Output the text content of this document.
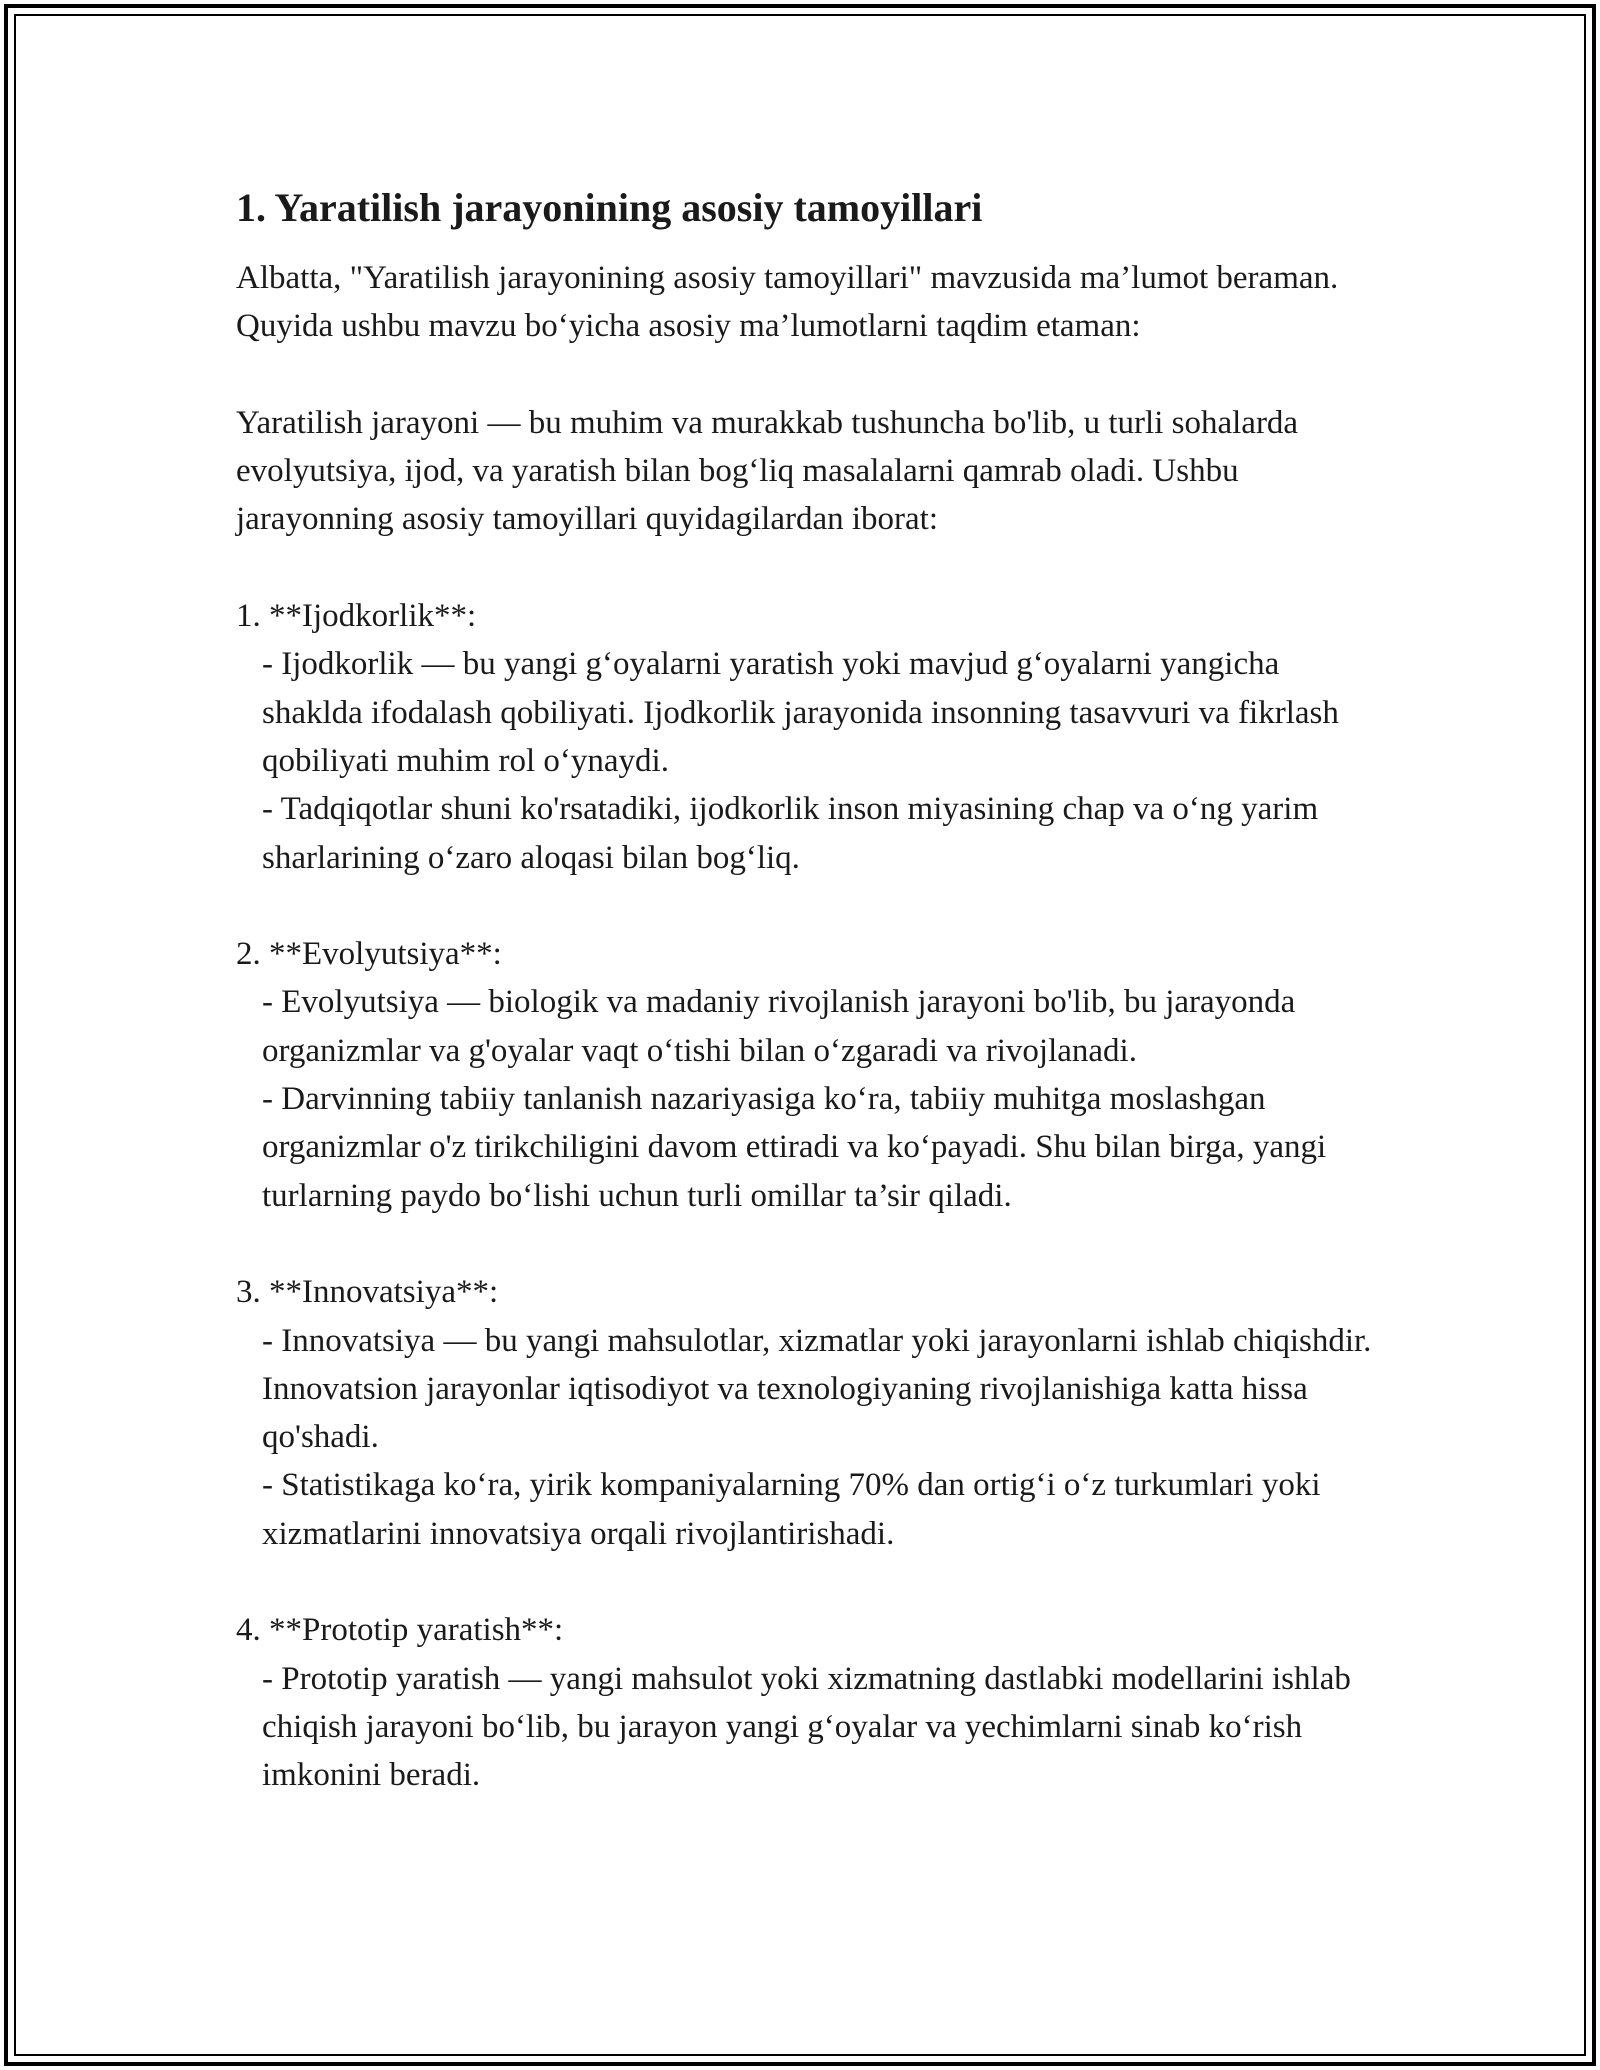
1. Yaratilish jarayonining asosiy tamoyillari

Albatta, "Yaratilish jarayonining asosiy tamoyillari" mavzusida ma’lumot beraman. Quyida ushbu mavzu bo‘yicha asosiy ma’lumotlarni taqdim etaman:

Yaratilish jarayoni — bu muhim va murakkab tushuncha bo'lib, u turli sohalarda evolyutsiya, ijod, va yaratish bilan bog‘liq masalalarni qamrab oladi. Ushbu jarayonning asosiy tamoyillari quyidagilardan iborat:

1. **Ijodkorlik**:

- Ijodkorlik — bu yangi g‘oyalarni yaratish yoki mavjud g‘oyalarni yangicha shaklda ifodalash qobiliyati. Ijodkorlik jarayonida insonning tasavvuri va fikrlash qobiliyati muhim rol o‘ynaydi.

- Tadqiqotlar shuni ko'rsatadiki, ijodkorlik inson miyasining chap va o‘ng yarim sharlarining o‘zaro aloqasi bilan bog‘liq.

2. **Evolyutsiya**:

- Evolyutsiya — biologik va madaniy rivojlanish jarayoni bo'lib, bu jarayonda organizmlar va g'oyalar vaqt o‘tishi bilan o‘zgaradi va rivojlanadi.

- Darvinning tabiiy tanlanish nazariyasiga ko‘ra, tabiiy muhitga moslashgan organizmlar o'z tirikchiligini davom ettiradi va ko‘payadi. Shu bilan birga, yangi turlarning paydo bo‘lishi uchun turli omillar ta’sir qiladi.

3. **Innovatsiya**:

- Innovatsiya — bu yangi mahsulotlar, xizmatlar yoki jarayonlarni ishlab chiqishdir. Innovatsion jarayonlar iqtisodiyot va texnologiyaning rivojlanishiga katta hissa qo'shadi.

- Statistikaga ko‘ra, yirik kompaniyalarning 70% dan ortig‘i o‘z turkumlari yoki xizmatlarini innovatsiya orqali rivojlantirishadi.

4. **Prototip yaratish**:

- Prototip yaratish — yangi mahsulot yoki xizmatning dastlabki modellarini ishlab chiqish jarayoni bo‘lib, bu jarayon yangi g‘oyalar va yechimlarni sinab ko‘rish imkonini beradi.
